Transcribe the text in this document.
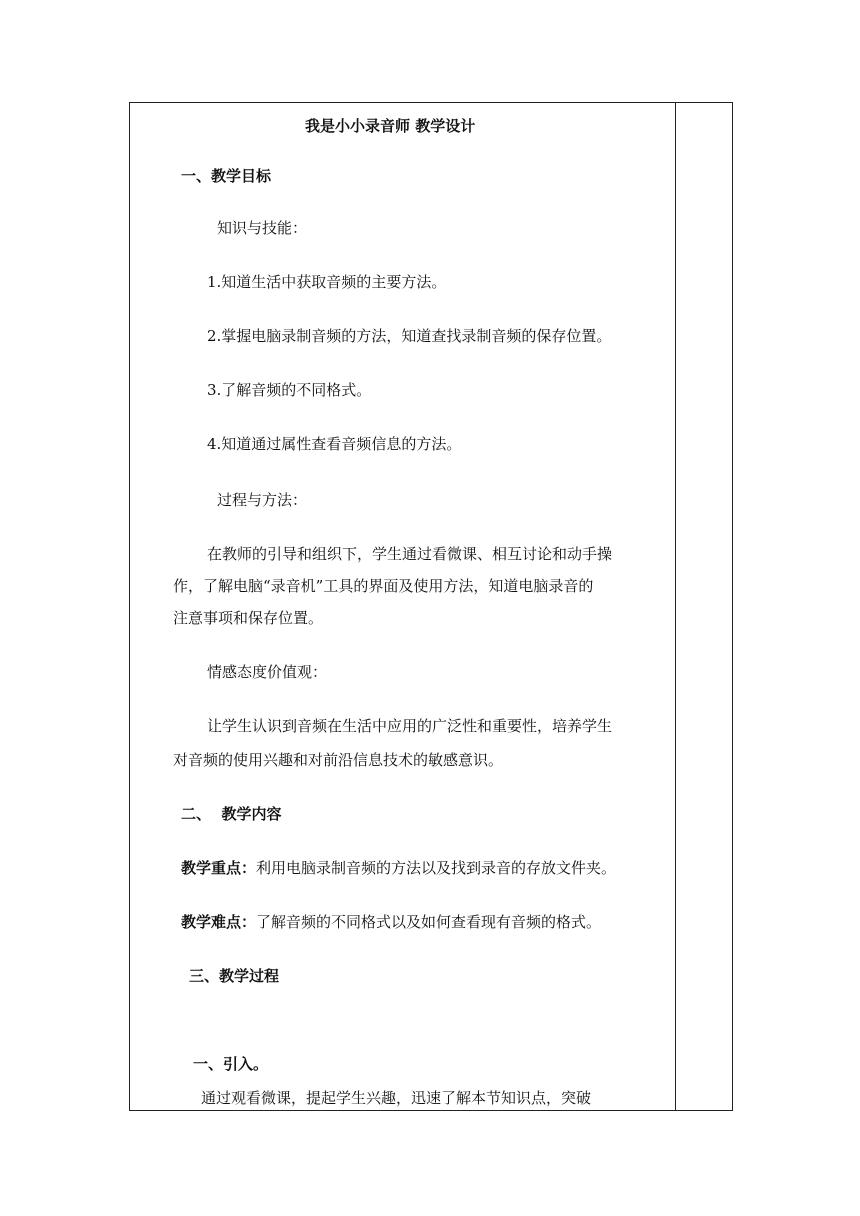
我是小小录音师 教学设计
一、教学目标
知识与技能：
1.知道生活中获取音频的主要方法。
2.掌握电脑录制音频的方法，知道查找录制音频的保存位置。
3.了解音频的不同格式。
4.知道通过属性查看音频信息的方法。
过程与方法：
在教师的引导和组织下，学生通过看微课、相互讨论和动手操
作，了解电脑“录音机”工具的界面及使用方法，知道电脑录音的
注意事项和保存位置。
情感态度价值观：
让学生认识到音频在生活中应用的广泛性和重要性，培养学生
对音频的使用兴趣和对前沿信息技术的敏感意识。
二、  教学内容
教学重点：利用电脑录制音频的方法以及找到录音的存放文件夹。
教学难点：了解音频的不同格式以及如何查看现有音频的格式。
三、教学过程
一、引入。
通过观看微课，提起学生兴趣，迅速了解本节知识点，突破
